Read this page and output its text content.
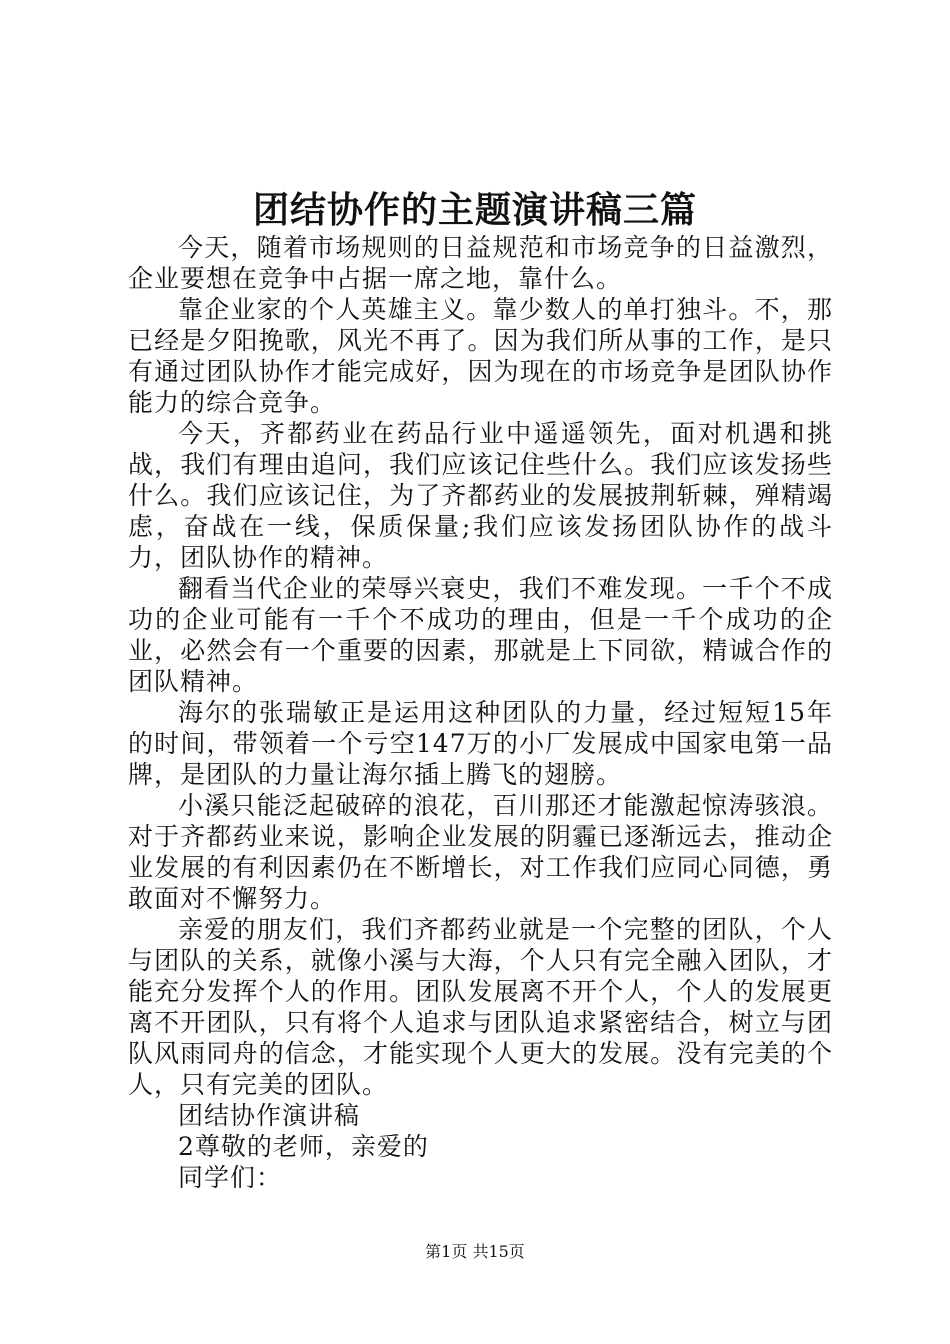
团结协作的主题演讲稿三篇

今天，随着市场规则的日益规范和市场竞争的日益激烈，企业要想在竞争中占据一席之地，靠什么。

靠企业家的个人英雄主义。靠少数人的单打独斗。不，那已经是夕阳挽歌，风光不再了。因为我们所从事的工作，是只有通过团队协作才能完成好，因为现在的市场竞争是团队协作能力的综合竞争。

今天，齐都药业在药品行业中遥遥领先，面对机遇和挑战，我们有理由追问，我们应该记住些什么。我们应该发扬些什么。我们应该记住，为了齐都药业的发展披荆斩棘，殚精竭虑，奋战在一线，保质保量;我们应该发扬团队协作的战斗力，团队协作的精神。

翻看当代企业的荣辱兴衰史，我们不难发现。一千个不成功的企业可能有一千个不成功的理由，但是一千个成功的企业，必然会有一个重要的因素，那就是上下同欲，精诚合作的团队精神。

海尔的张瑞敏正是运用这种团队的力量，经过短短15年的时间，带领着一个亏空147万的小厂发展成中国家电第一品牌，是团队的力量让海尔插上腾飞的翅膀。

小溪只能泛起破碎的浪花，百川那还才能激起惊涛骇浪。对于齐都药业来说，影响企业发展的阴霾已逐渐远去，推动企业发展的有利因素仍在不断增长，对工作我们应同心同德，勇敢面对不懈努力。

亲爱的朋友们，我们齐都药业就是一个完整的团队，个人与团队的关系，就像小溪与大海，个人只有完全融入团队，才能充分发挥个人的作用。团队发展离不开个人，个人的发展更离不开团队，只有将个人追求与团队追求紧密结合，树立与团队风雨同舟的信念，才能实现个人更大的发展。没有完美的个人，只有完美的团队。

团结协作演讲稿

2尊敬的老师，亲爱的

同学们：

第1页 共15页
